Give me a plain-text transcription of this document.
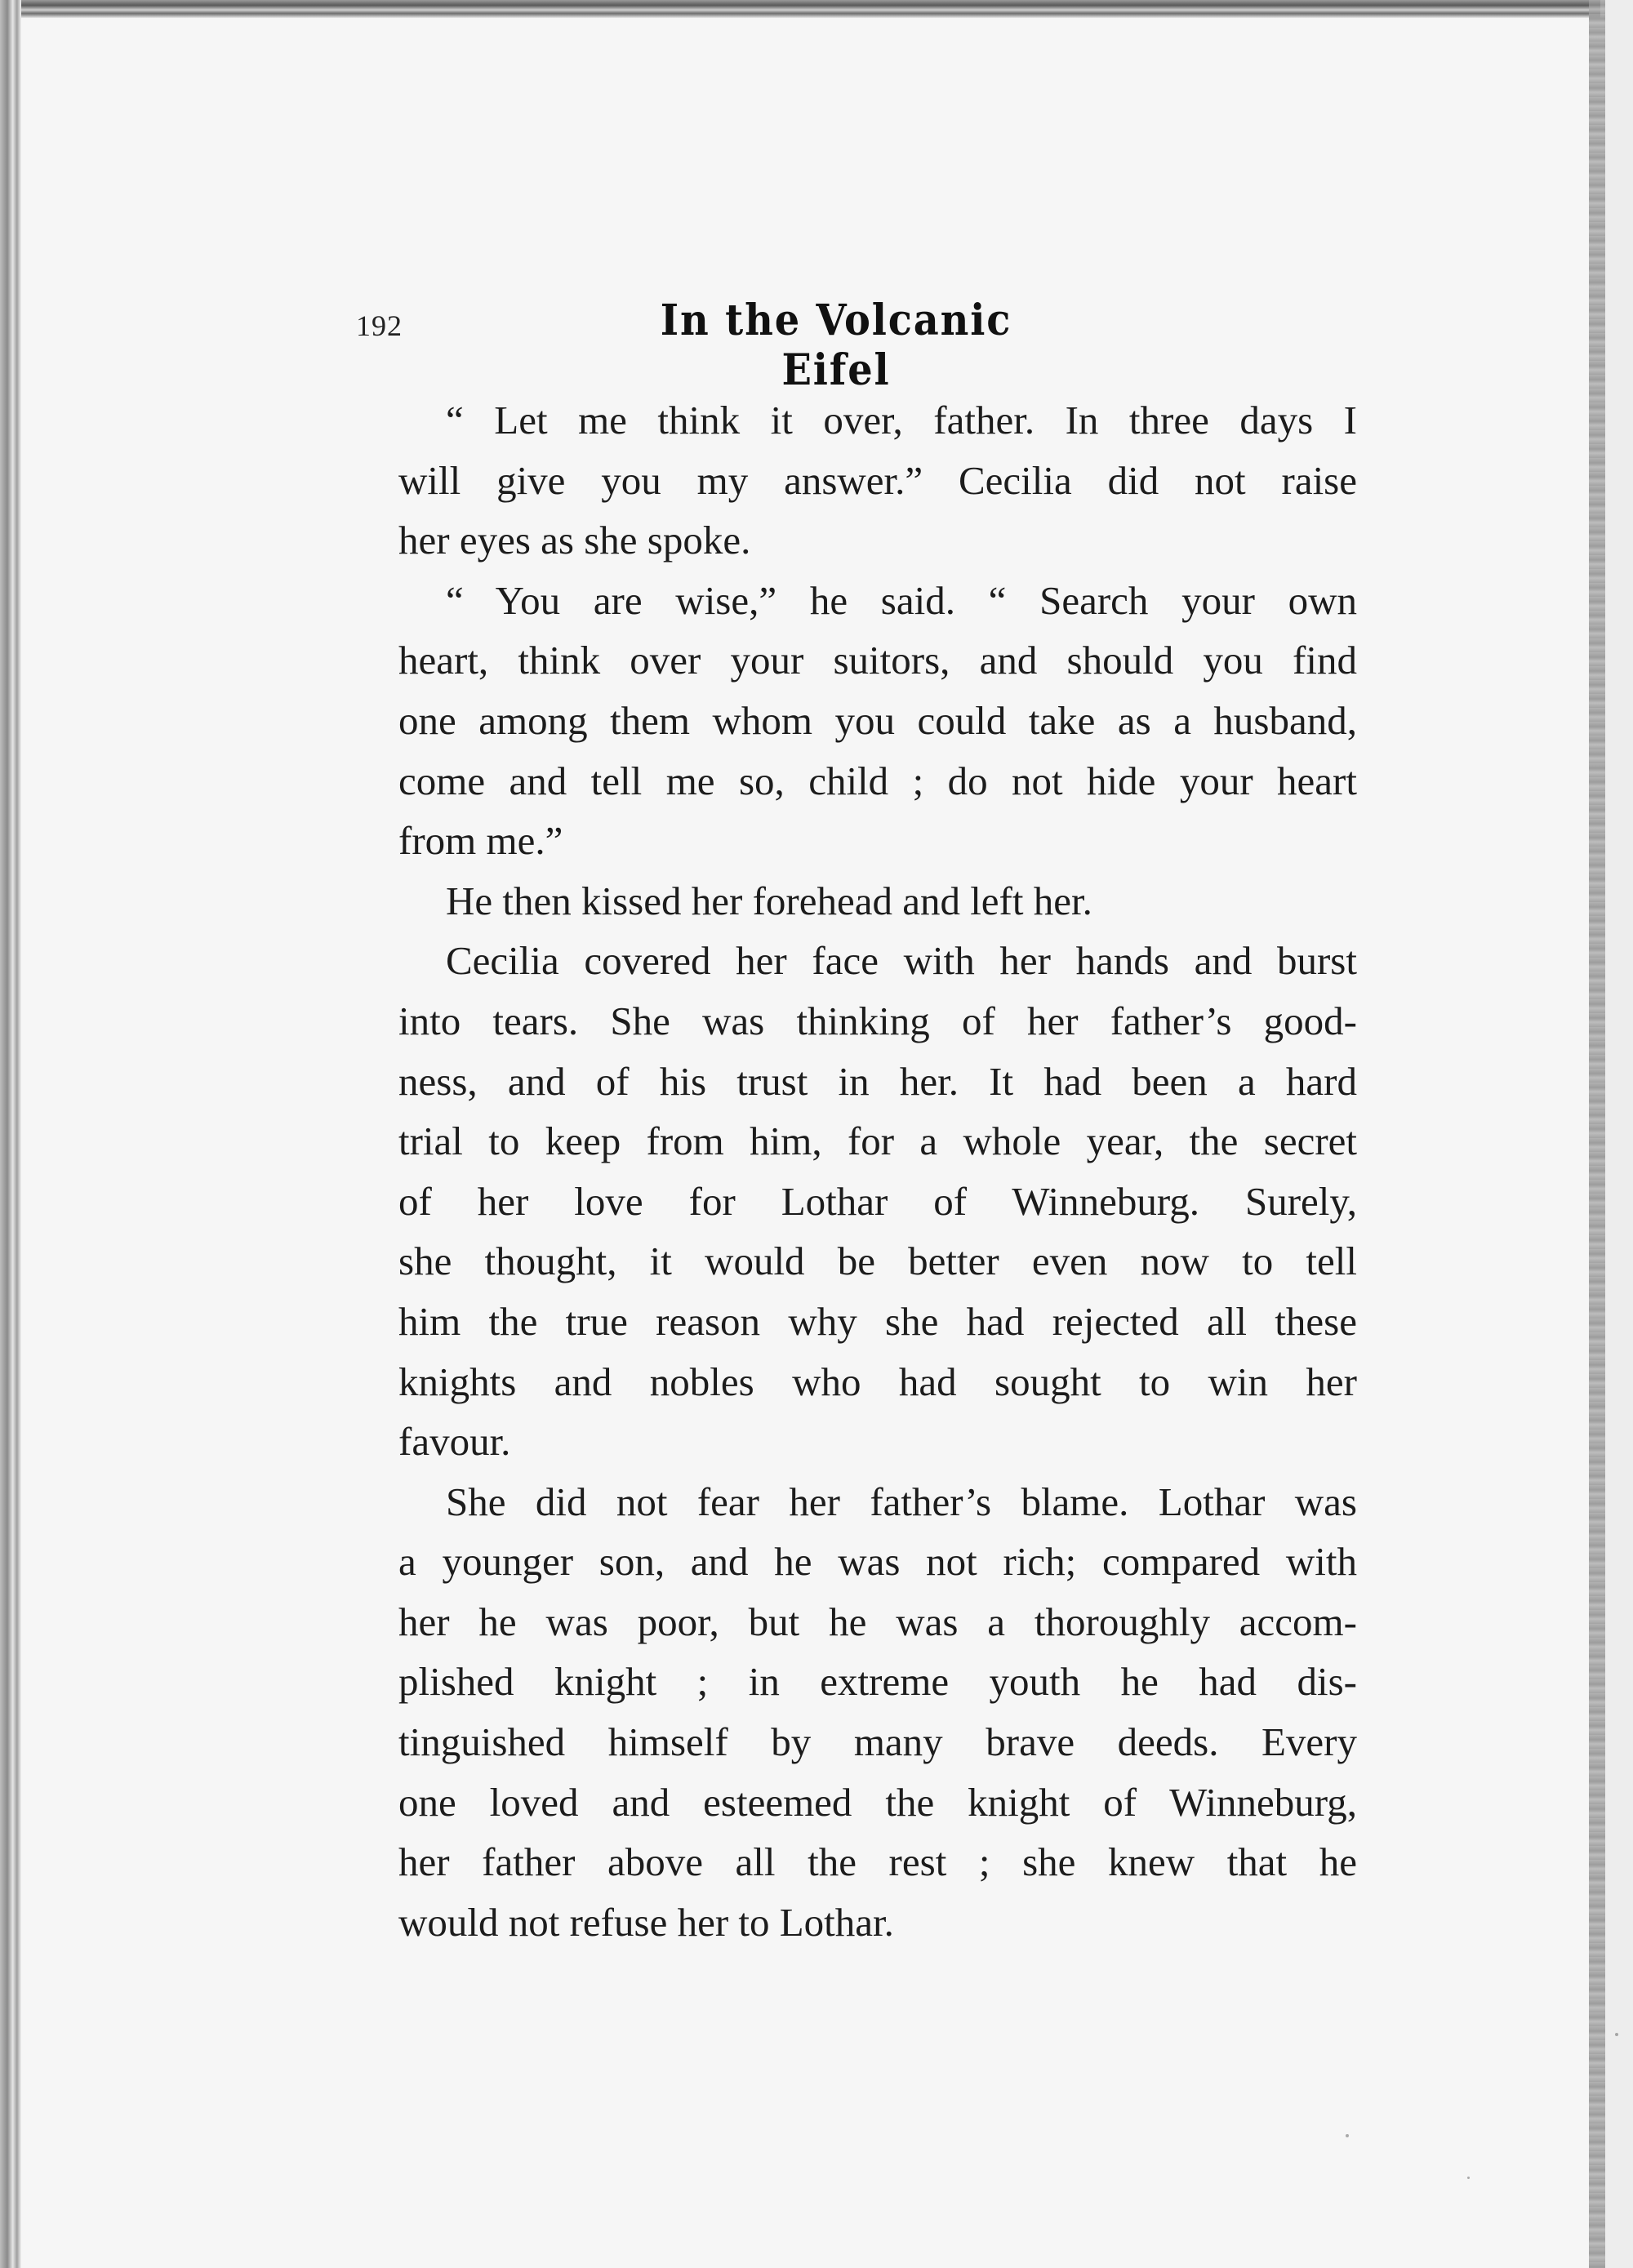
192	In the Volcanic Eifel
“ Let me think it over, father. In three days I
will give you my answer.” Cecilia did not raise
her eyes as she spoke.
“ You are wise,” he said. “ Search your own
heart, think over your suitors, and should you find
one among them whom you could take as a husband,
come and tell me so, child ; do not hide your heart
from me.”
He then kissed her forehead and left her.
Cecilia covered her face with her hands and burst
into tears. She was thinking of her father’s good-
ness, and of his trust in her. It had been a hard
trial to keep from him, for a whole year, the secret
of her love for Lothar of Winneburg. Surely,
she thought, it would be better even now to tell
him the true reason why she had rejected all these
knights and nobles who had sought to win her
favour.
She did not fear her father’s blame. Lothar was
a younger son, and he was not rich; compared with
her he was poor, but he was a thoroughly accom-
plished knight ; in extreme youth he had dis-
tinguished himself by many brave deeds. Every
one loved and esteemed the knight of Winneburg,
her father above all the rest ; she knew that he
would not refuse her to Lothar.
